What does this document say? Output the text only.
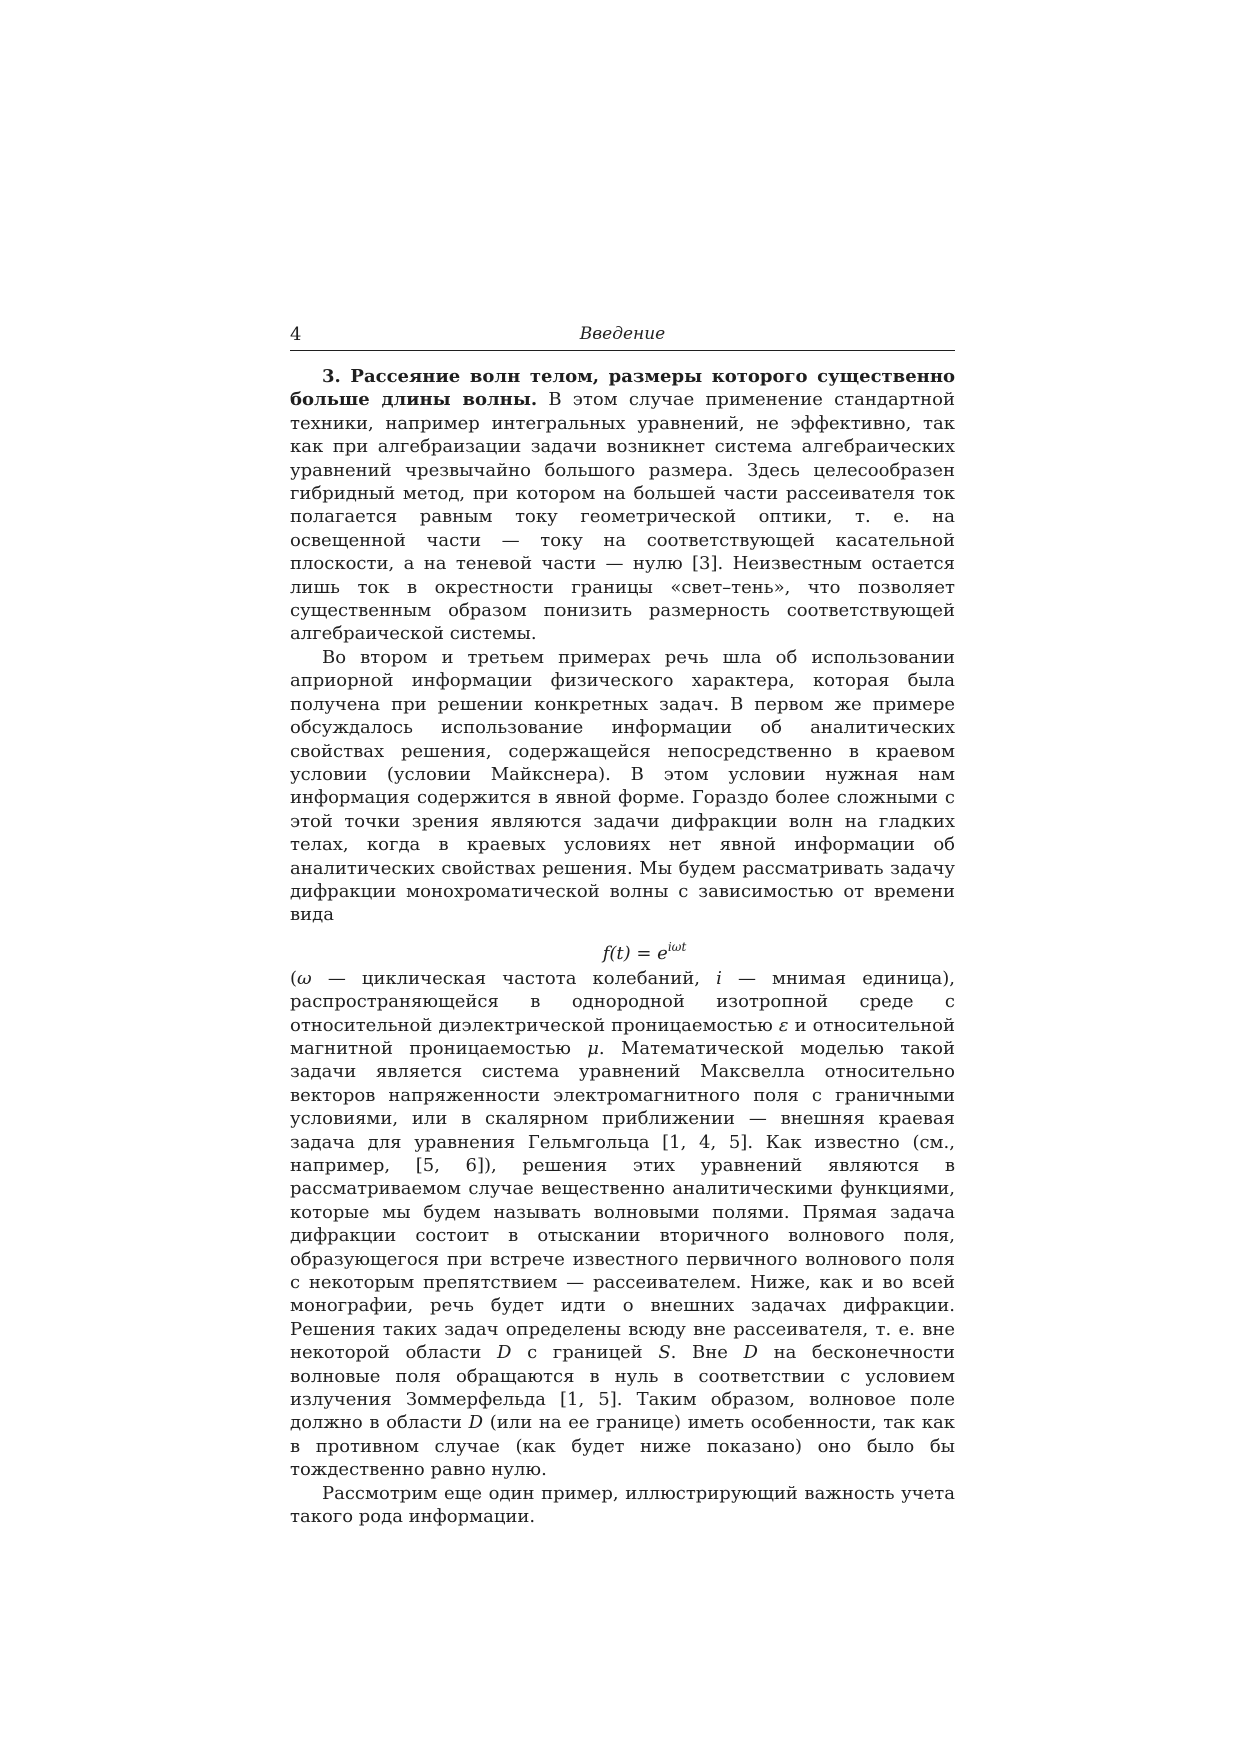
4	Введение

3. Рассеяние волн телом, размеры которого существенно больше длины волны. В этом случае применение стандартной техники, например интегральных уравнений, не эффективно, так как при алгебраизации задачи возникнет система алгебраических уравнений чрезвычайно большого размера. Здесь целесообразен гибридный метод, при котором на большей части рассеивателя ток полагается равным току геометрической оптики, т. е. на освещенной части — току на соответствующей касательной плоскости, а на теневой части — нулю [3]. Неизвестным остается лишь ток в окрестности границы «свет–тень», что позволяет существенным образом понизить размерность соответствующей алгебраической системы.

Во втором и третьем примерах речь шла об использовании априорной информации физического характера, которая была получена при решении конкретных задач. В первом же примере обсуждалось использование информации об аналитических свойствах решения, содержащейся непосредственно в краевом условии (условии Майкснера). В этом условии нужная нам информация содержится в явной форме. Гораздо более сложными с этой точки зрения являются задачи дифракции волн на гладких телах, когда в краевых условиях нет явной информации об аналитических свойствах решения. Мы будем рассматривать задачу дифракции монохроматической волны с зависимостью от времени вида

$f(t) = e^{i\omega t}$

(ω — циклическая частота колебаний, i — мнимая единица), распространяющейся в однородной изотропной среде с относительной диэлектрической проницаемостью ε и относительной магнитной проницаемостью μ. Математической моделью такой задачи является система уравнений Максвелла относительно векторов напряженности электромагнитного поля с граничными условиями, или в скалярном приближении — внешняя краевая задача для уравнения Гельмгольца [1, 4, 5]. Как известно (см., например, [5, 6]), решения этих уравнений являются в рассматриваемом случае вещественно аналитическими функциями, которые мы будем называть волновыми полями. Прямая задача дифракции состоит в отыскании вторичного волнового поля, образующегося при встрече известного первичного волнового поля с некоторым препятствием — рассеивателем. Ниже, как и во всей монографии, речь будет идти о внешних задачах дифракции. Решения таких задач определены всюду вне рассеивателя, т. е. вне некоторой области D с границей S. Вне D на бесконечности волновые поля обращаются в нуль в соответствии с условием излучения Зоммерфельда [1, 5]. Таким образом, волновое поле должно в области D (или на ее границе) иметь особенности, так как в противном случае (как будет ниже показано) оно было бы тождественно равно нулю.

Рассмотрим еще один пример, иллюстрирующий важность учета такого рода информации.
